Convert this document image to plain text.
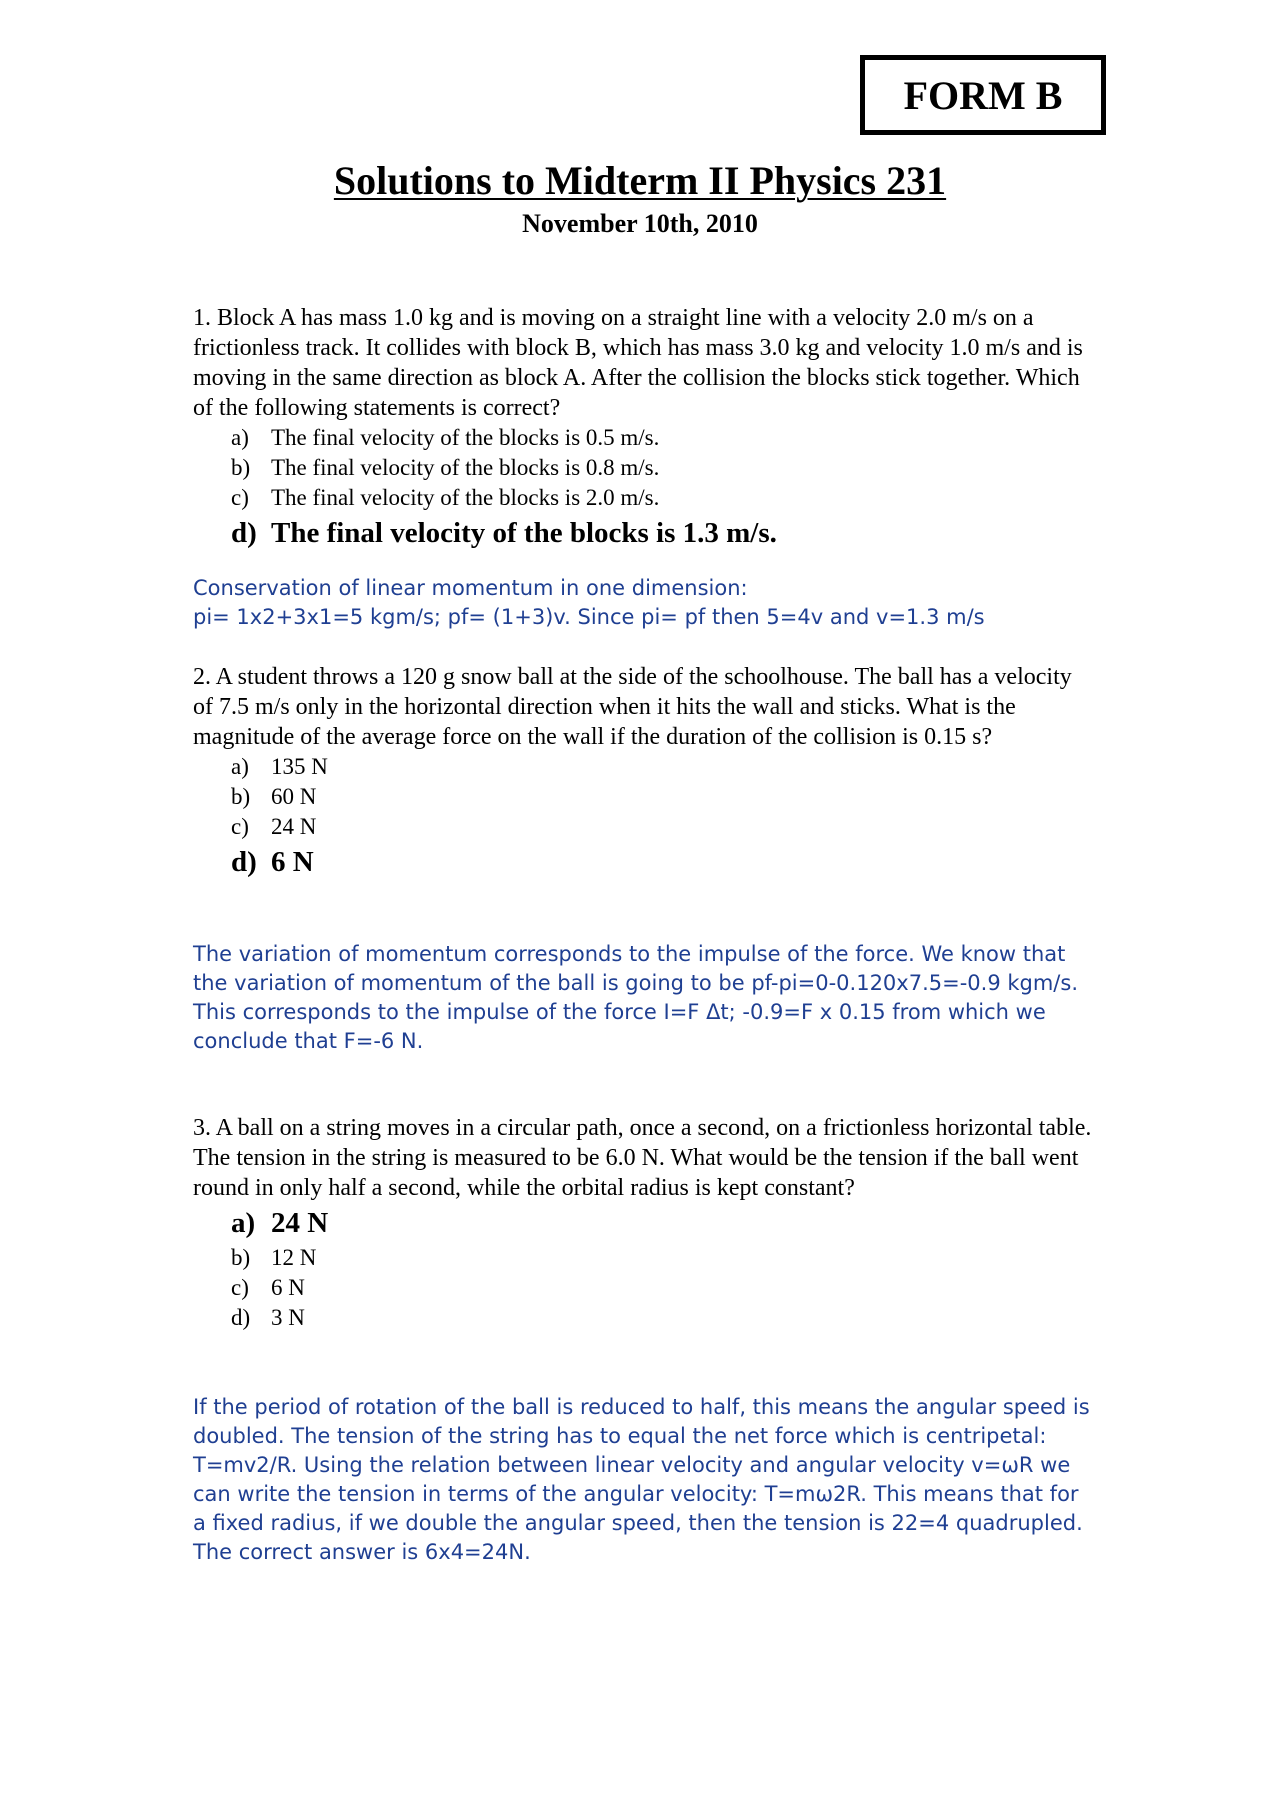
FORM B
Solutions to Midterm II Physics 231
November 10th, 2010

1. Block A has mass 1.0 kg and is moving on a straight line with a velocity 2.0 m/s on a frictionless track. It collides with block B, which has mass 3.0 kg and velocity 1.0 m/s and is moving in the same direction as block A. After the collision the blocks stick together. Which of the following statements is correct?

a) The final velocity of the blocks is 0.5 m/s.
b) The final velocity of the blocks is 0.8 m/s.
c) The final velocity of the blocks is 2.0 m/s.
d) The final velocity of the blocks is 1.3 m/s.

Conservation of linear momentum in one dimension:

pi= 1x2+3x1=5 kgm/s; pf= (1+3)v. Since pi= pf then 5=4v and v=1.3 m/s

2. A student throws a 120 g snow ball at the side of the schoolhouse. The ball has a velocity of 7.5 m/s only in the horizontal direction when it hits the wall and sticks. What is the magnitude of the average force on the wall if the duration of the collision is 0.15 s?

a) 135 N
b) 60 N
c) 24 N
d) 6 N

The variation of momentum corresponds to the impulse of the force. We know that the variation of momentum of the ball is going to be pf-pi=0-0.120x7.5=-0.9 kgm/s. This corresponds to the impulse of the force I=F Δt; -0.9=F x 0.15 from which we conclude that F=-6 N.

3. A ball on a string moves in a circular path, once a second, on a frictionless horizontal table. The tension in the string is measured to be 6.0 N. What would be the tension if the ball went round in only half a second, while the orbital radius is kept constant?

a) 24 N
b) 12 N
c) 6 N
d) 3 N

If the period of rotation of the ball is reduced to half, this means the angular speed is doubled. The tension of the string has to equal the net force which is centripetal: T=mv2/R. Using the relation between linear velocity and angular velocity v=ωR we can write the tension in terms of the angular velocity: T=mω2R. This means that for a fixed radius, if we double the angular speed, then the tension is 22=4 quadrupled. The correct answer is 6x4=24N.
